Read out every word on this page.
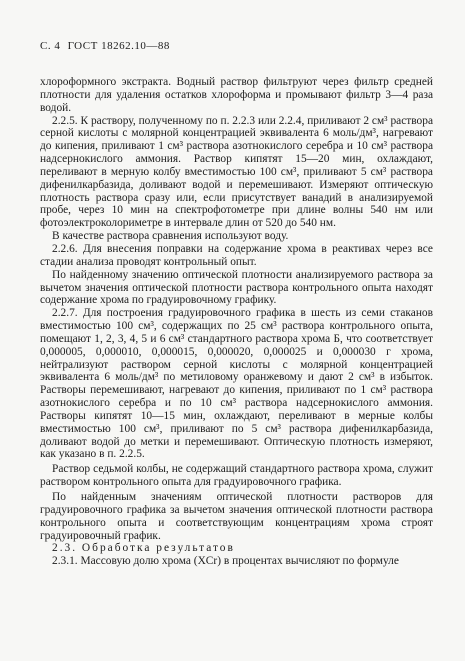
С. 4 ГОСТ 18262.10—88

хлороформного экстракта. Водный раствор фильтруют через фильтр средней плотности для удаления остатков хлороформа и промывают фильтр 3—4 раза водой.

2.2.5. К раствору, полученному по п. 2.2.3 или 2.2.4, приливают 2 см³ раствора серной кислоты с молярной концентрацией эквивалента 6 моль/дм³, нагревают до кипения, приливают 1 см³ раствора азотнокислого серебра и 10 см³ раствора надсернокислого аммония. Раствор кипятят 15—20 мин, охлаждают, переливают в мерную колбу вместимостью 100 см³, приливают 5 см³ раствора дифенилкарбазида, доливают водой и перемешивают. Измеряют оптическую плотность раствора сразу или, если присутствует ванадий в анализируемой пробе, через 10 мин на спектрофотометре при длине волны 540 нм или фотоэлектроколориметре в интервале длин от 520 до 540 нм.

В качестве раствора сравнения используют воду.

2.2.6. Для внесения поправки на содержание хрома в реактивах через все стадии анализа проводят контрольный опыт.

По найденному значению оптической плотности анализируемого раствора за вычетом значения оптической плотности раствора контрольного опыта находят содержание хрома по градуировочному графику.

2.2.7. Для построения градуировочного графика в шесть из семи стаканов вместимостью 100 см³, содержащих по 25 см³ раствора контрольного опыта, помещают 1, 2, 3, 4, 5 и 6 см³ стандартного раствора хрома Б, что соответствует 0,000005, 0,000010, 0,000015, 0,000020, 0,000025 и 0,000030 г хрома, нейтрализуют раствором серной кислоты с молярной концентрацией эквивалента 6 моль/дм³ по метиловому оранжевому и дают 2 см³ в избыток. Растворы перемешивают, нагревают до кипения, приливают по 1 см³ раствора азотнокислого серебра и по 10 см³ раствора надсернокислого аммония. Растворы кипятят 10—15 мин, охлаждают, переливают в мерные колбы вместимостью 100 см³, приливают по 5 см³ раствора дифенилкарбазида, доливают водой до метки и перемешивают. Оптическую плотность измеряют, как указано в п. 2.2.5.

Раствор седьмой колбы, не содержащий стандартного раствора хрома, служит раствором контрольного опыта для градуировочного графика.

По найденным значениям оптической плотности растворов для градуировочного графика за вычетом значения оптической плотности раствора контрольного опыта и соответствующим концентрациям хрома строят градуировочный график.

2.3. Обработка результатов

2.3.1. Массовую долю хрома (XCr) в процентах вычисляют по формуле
